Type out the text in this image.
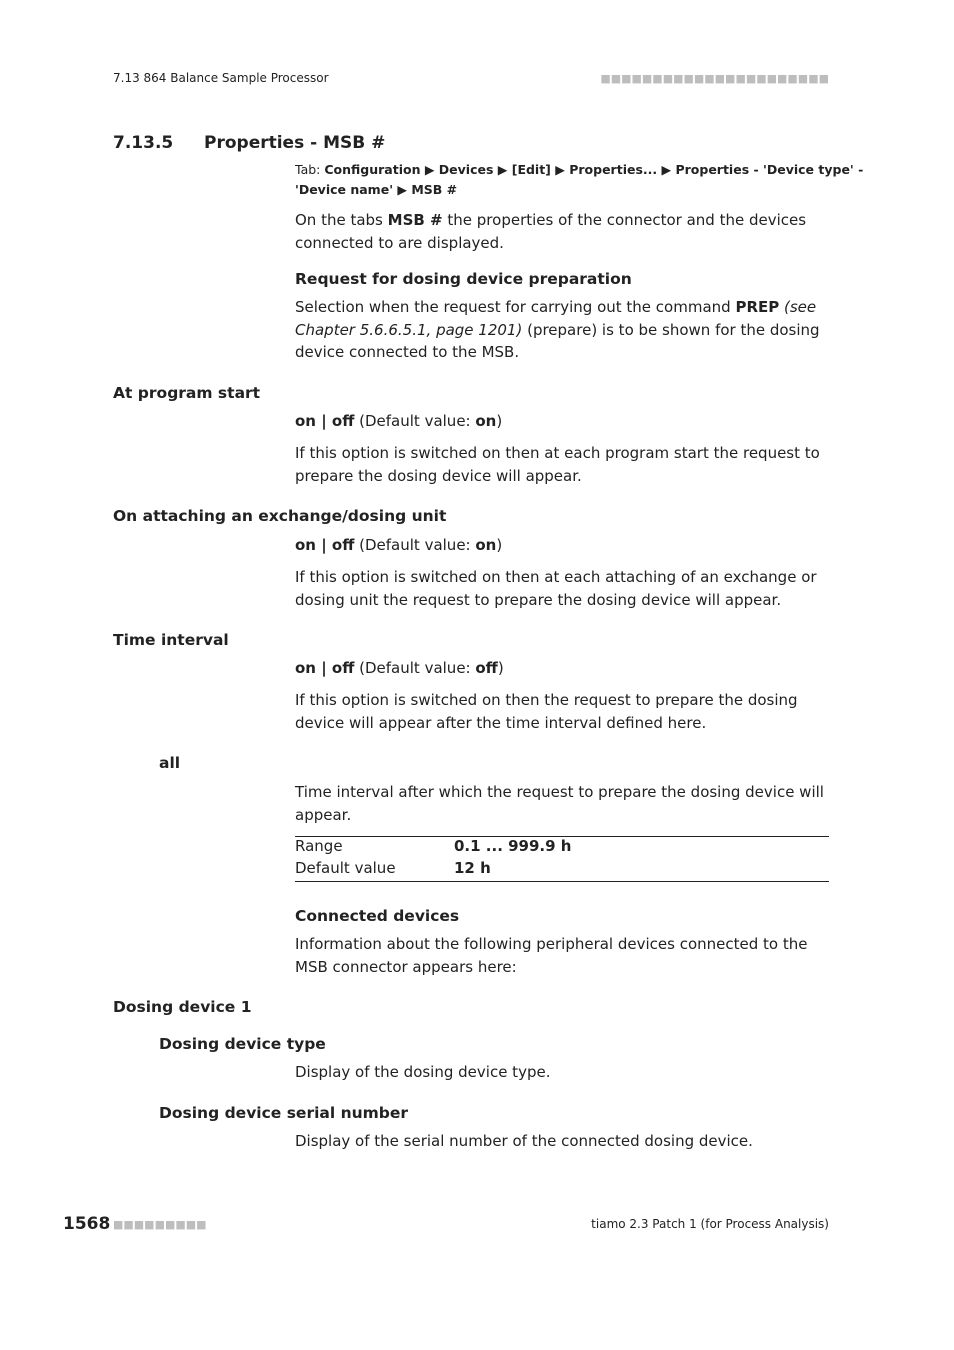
7.13 864 Balance Sample Processor	■■■■■■■■■■■■■■■■■■■■■■
7.13.5 Properties - MSB #
Tab: Configuration ▶ Devices ▶ [Edit] ▶ Properties... ▶ Properties - 'Device type' -
'Device name' ▶ MSB #
On the tabs MSB # the properties of the connector and the devices connected to are displayed.
Request for dosing device preparation
Selection when the request for carrying out the command PREP (see Chapter 5.6.6.5.1, page 1201) (prepare) is to be shown for the dosing device connected to the MSB.
At program start
on | off (Default value: on)
If this option is switched on then at each program start the request to prepare the dosing device will appear.
On attaching an exchange/dosing unit
on | off (Default value: on)
If this option is switched on then at each attaching of an exchange or dosing unit the request to prepare the dosing device will appear.
Time interval
on | off (Default value: off)
If this option is switched on then the request to prepare the dosing device will appear after the time interval defined here.
all
Time interval after which the request to prepare the dosing device will appear.
Range	0.1 ... 999.9 h
Default value	12 h
Connected devices
Information about the following peripheral devices connected to the MSB connector appears here:
Dosing device 1
Dosing device type
Display of the dosing device type.
Dosing device serial number
Display of the serial number of the connected dosing device.
1568 ■■■■■■■■■	tiamo 2.3 Patch 1 (for Process Analysis)
